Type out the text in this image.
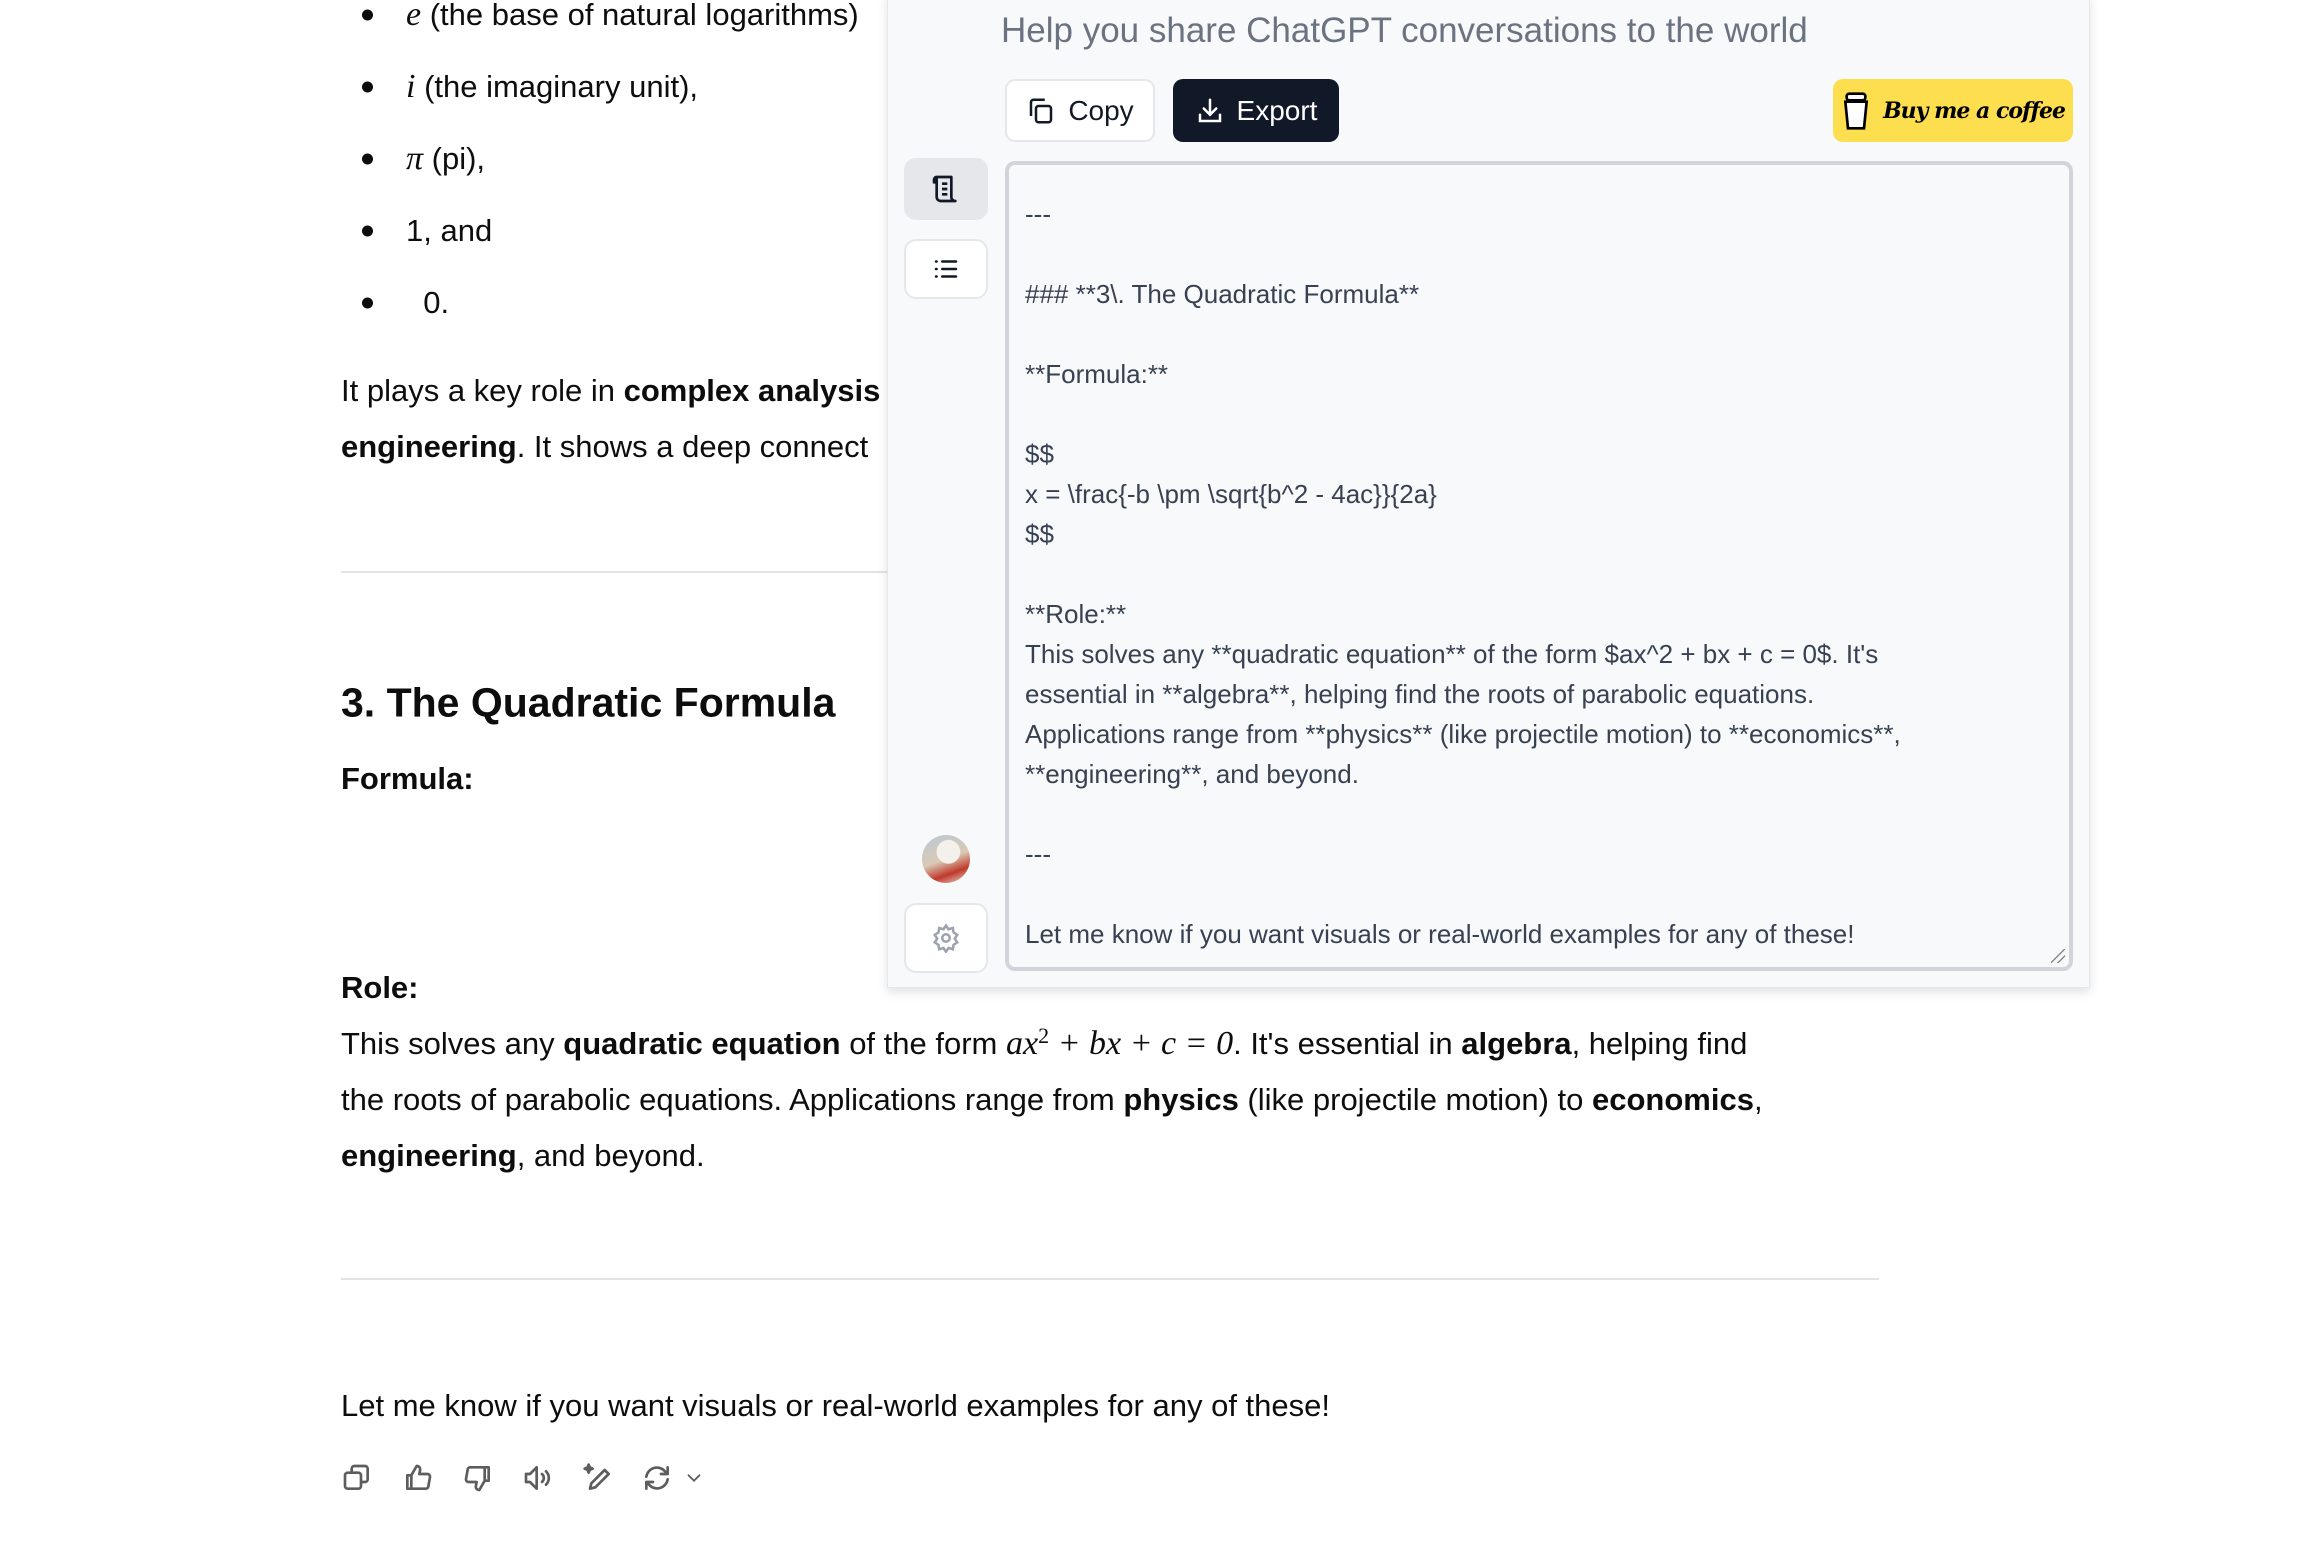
e (the base of natural logarithms)
i (the imaginary unit),
π (pi),
1, and
0.
It plays a key role in complex analysis
engineering. It shows a deep connect
3. The Quadratic Formula
Formula:
Role:
This solves any quadratic equation of the form $ax^2$ + bx + c = 0. It's essential in algebra, helping find
the roots of parabolic equations. Applications range from physics (like projectile motion) to economics,
engineering, and beyond.
Let me know if you want visuals or real-world examples for any of these!
Help you share ChatGPT conversations to the world
Copy	Export	Buy me a coffee
---
### **3\. The Quadratic Formula**
**Formula:**
$$
x = \frac{-b \pm \sqrt{b^2 - 4ac}}{2a}
$$
**Role:**
This solves any **quadratic equation** of the form $ax^2 + bx + c = 0$. It's
essential in **algebra**, helping find the roots of parabolic equations.
Applications range from **physics** (like projectile motion) to **economics**,
**engineering**, and beyond.
---
Let me know if you want visuals or real-world examples for any of these!
